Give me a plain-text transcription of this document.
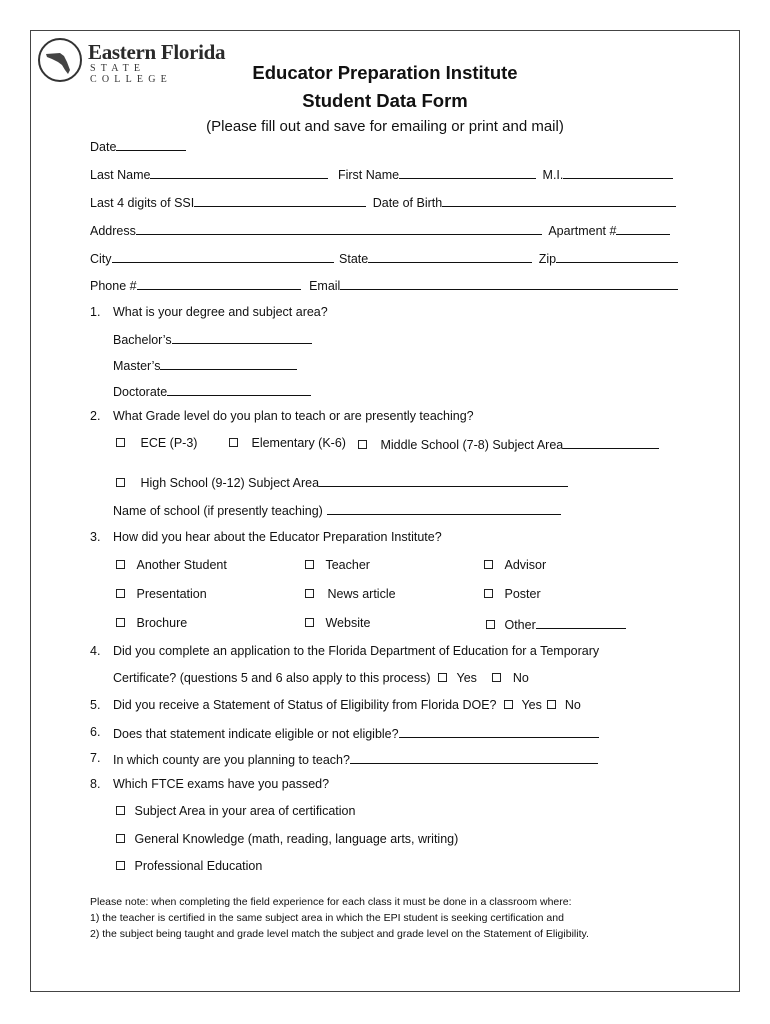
Eastern Florida
STATE COLLEGE	Educator Preparation Institute
Student Data Form
(Please fill out and save for emailing or print and mail)
Date
Last Name	First Name	M.I.
Last 4 digits of SSI	Date of Birth
Address	Apartment #
City	State	Zip
Phone #	Email
1. What is your degree and subject area?
Bachelor’s
Master’s
Doctorate
2. What Grade level do you plan to teach or are presently teaching?
ECE (P-3)	Elementary (K-6)	Middle School (7-8) Subject Area
High School (9-12) Subject Area
Name of school (if presently teaching)
3. How did you hear about the Educator Preparation Institute?
Another Student	Teacher	Advisor
Presentation	News article	Poster
Brochure	Website	Other
4. Did you complete an application to the Florida Department of Education for a Temporary
Certificate? (questions 5 and 6 also apply to this process) Yes	No
5. Did you receive a Statement of Status of Eligibility from Florida DOE? Yes No
6. Does that statement indicate eligible or not eligible?
7. In which county are you planning to teach?
8. Which FTCE exams have you passed?
Subject Area in your area of certification
General Knowledge (math, reading, language arts, writing)
Professional Education
Please note: when completing the field experience for each class it must be done in a classroom where:
1) the teacher is certified in the same subject area in which the EPI student is seeking certification and
2) the subject being taught and grade level match the subject and grade level on the Statement of Eligibility.
